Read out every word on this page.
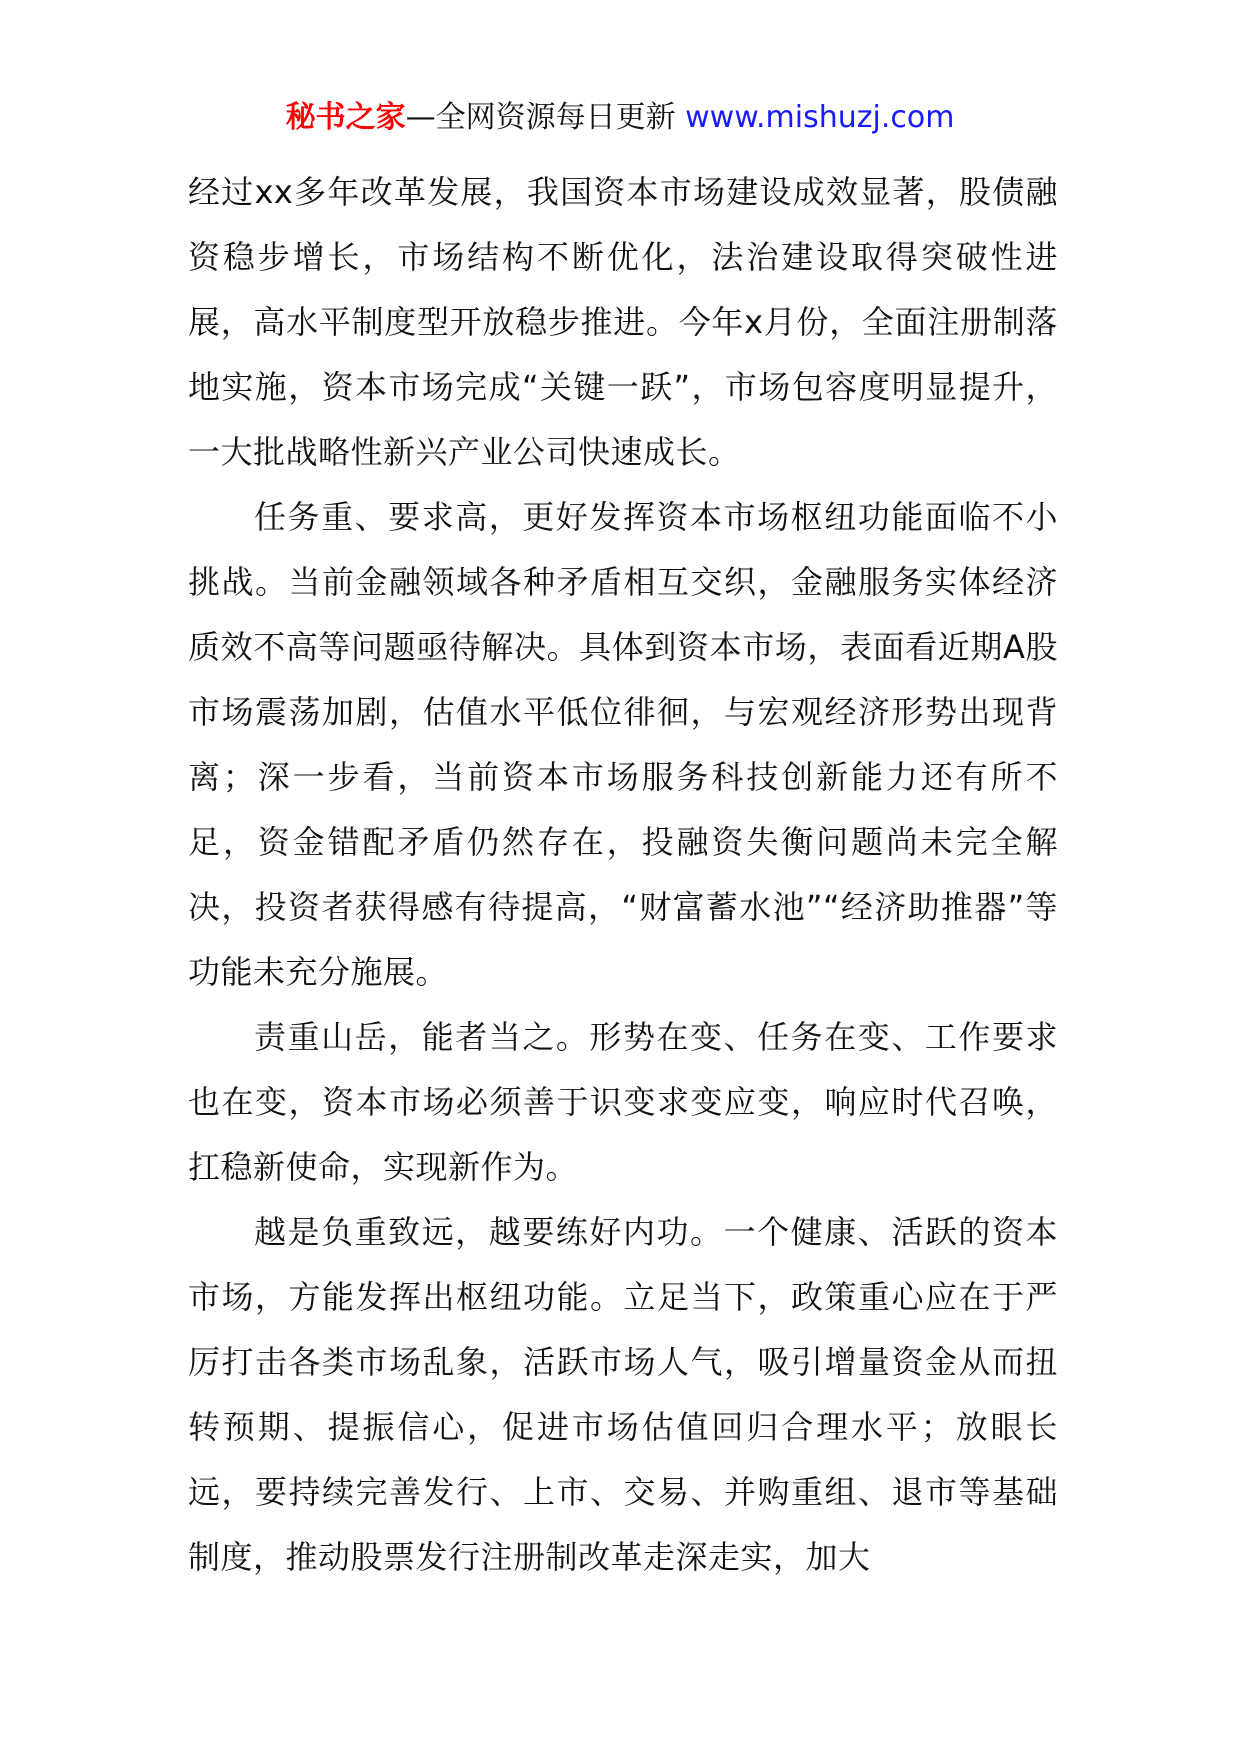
秘书之家—全网资源每日更新 www.mishuzj.com

经过xx多年改革发展，我国资本市场建设成效显著，股债融资稳步增长，市场结构不断优化，法治建设取得突破性进展，高水平制度型开放稳步推进。今年x月份，全面注册制落地实施，资本市场完成“关键一跃”，市场包容度明显提升，一大批战略性新兴产业公司快速成长。

任务重、要求高，更好发挥资本市场枢纽功能面临不小挑战。当前金融领域各种矛盾相互交织，金融服务实体经济质效不高等问题亟待解决。具体到资本市场，表面看近期A股市场震荡加剧，估值水平低位徘徊，与宏观经济形势出现背离；深一步看，当前资本市场服务科技创新能力还有所不足，资金错配矛盾仍然存在，投融资失衡问题尚未完全解决，投资者获得感有待提高，“财富蓄水池”“经济助推器”等功能未充分施展。

责重山岳，能者当之。形势在变、任务在变、工作要求也在变，资本市场必须善于识变求变应变，响应时代召唤，扛稳新使命，实现新作为。

越是负重致远，越要练好内功。一个健康、活跃的资本市场，方能发挥出枢纽功能。立足当下，政策重心应在于严厉打击各类市场乱象，活跃市场人气，吸引增量资金从而扭转预期、提振信心，促进市场估值回归合理水平；放眼长远，要持续完善发行、上市、交易、并购重组、退市等基础制度，推动股票发行注册制改革走深走实，加大
